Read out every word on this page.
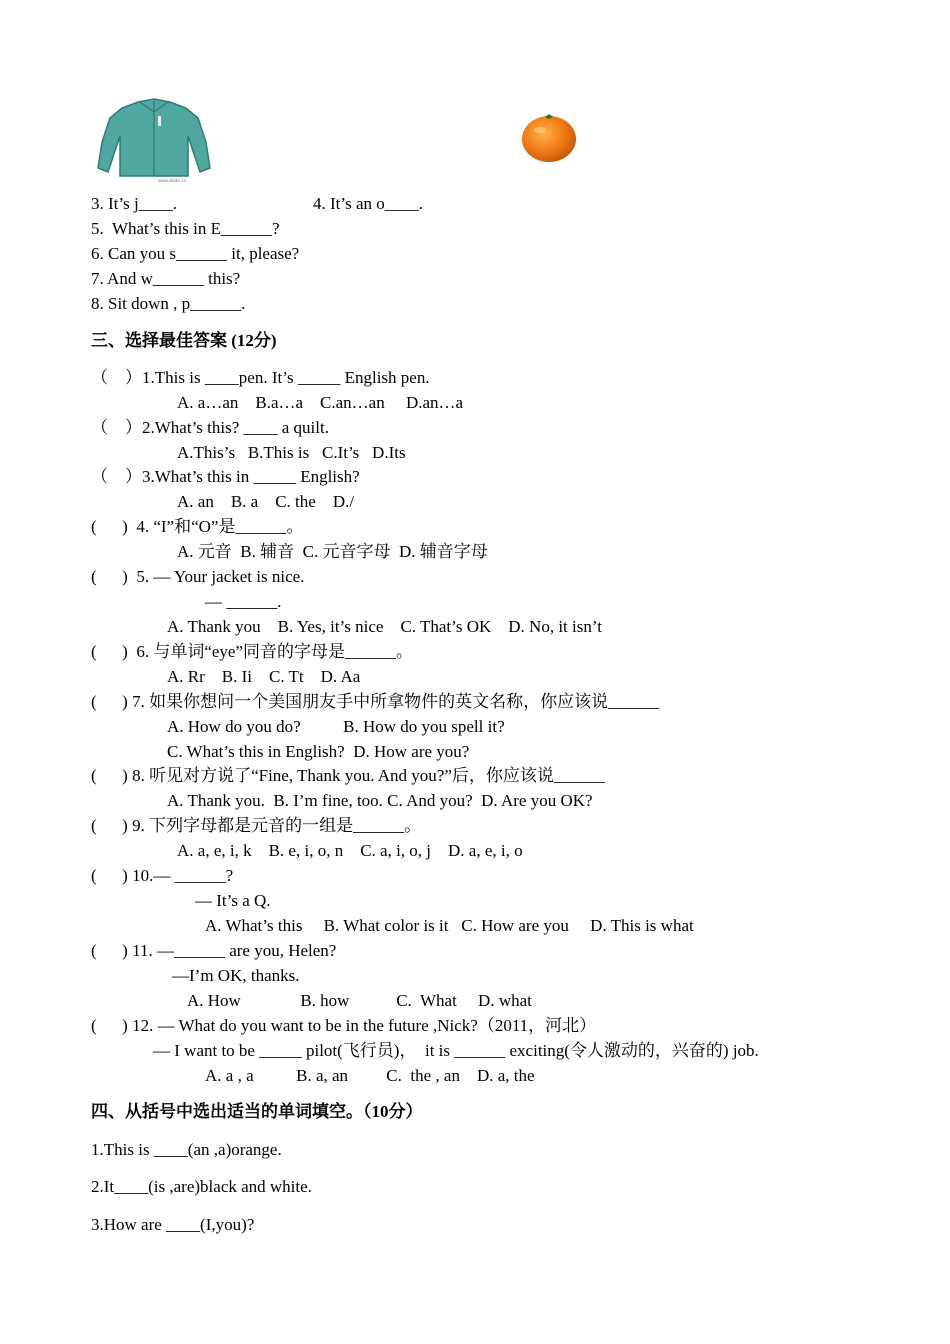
www.zbbbs.cn
3. It’s j____.	4. It’s an o____.
5.  What’s this in E______?
6. Can you s______ it, please?
7. And w______ this?
8. Sit down , p______.
三、选择最佳答案 (12分)
（    ）1.This is ____pen. It’s _____ English pen.
A. a…an    B.a…a    C.an…an     D.an…a
（    ）2.What’s this? ____ a quilt.
A.This’s   B.This is   C.It’s   D.Its
（    ）3.What’s this in _____ English?
A. an    B. a    C. the    D./
(      )  4. “I”和“O”是______。
A. 元音  B. 辅音  C. 元音字母  D. 辅音字母
(      )  5. — Your jacket is nice.
— ______.
A. Thank you    B. Yes, it’s nice    C. That’s OK    D. No, it isn’t
(      )  6. 与单词“eye”同音的字母是______。
A. Rr    B. Ii    C. Tt    D. Aa
(      ) 7. 如果你想问一个美国朋友手中所拿物件的英文名称，你应该说______
A. How do you do?          B. How do you spell it?
C. What’s this in English?  D. How are you?
(      ) 8. 听见对方说了“Fine, Thank you. And you?”后，你应该说______
A. Thank you.  B. I’m fine, too. C. And you?  D. Are you OK?
(      ) 9. 下列字母都是元音的一组是______。
A. a, e, i, k    B. e, i, o, n    C. a, i, o, j    D. a, e, i, o
(      ) 10.— ______?
— It’s a Q.
A. What’s this     B. What color is it   C. How are you     D. This is what
(      ) 11. —______ are you, Helen?
—I’m OK, thanks.
A. How              B. how           C.  What     D. what
(      ) 12. — What do you want to be in the future ,Nick?（2011，河北）
— I want to be _____ pilot(飞行员)，  it is ______ exciting(令人激动的，兴奋的) job.
A. a , a          B. a, an         C.  the , an    D. a, the
四、从括号中选出适当的单词填空。（10分）
1.This is ____(an ,a)orange.
2.It____(is ,are)black and white.
3.How are ____(I,you)?
